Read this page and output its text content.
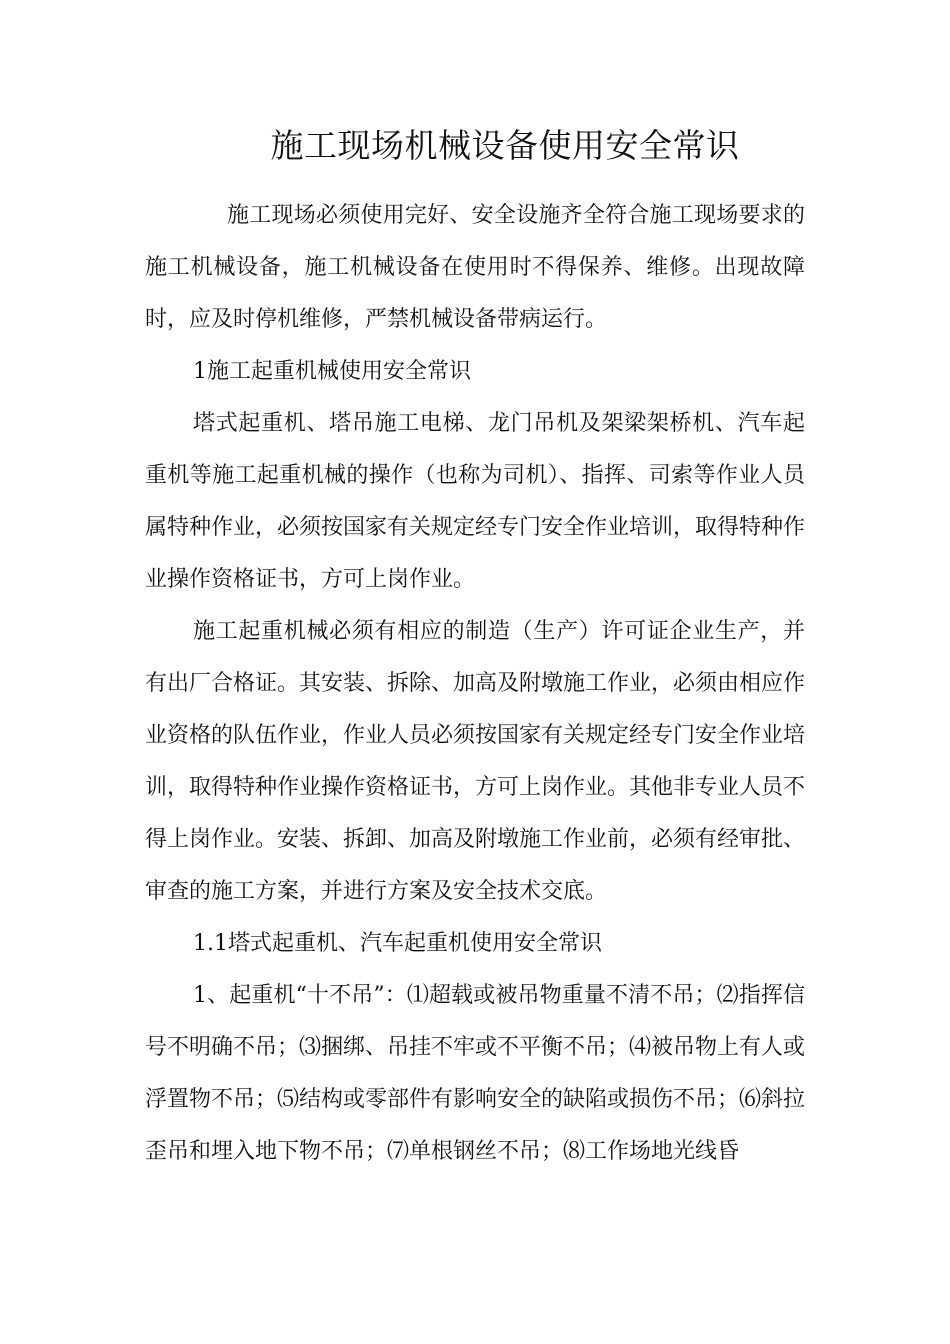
施工现场机械设备使用安全常识

施工现场必须使用完好、安全设施齐全符合施工现场要求的施工机械设备，施工机械设备在使用时不得保养、维修。出现故障时，应及时停机维修，严禁机械设备带病运行。

1施工起重机械使用安全常识

塔式起重机、塔吊施工电梯、龙门吊机及架梁架桥机、汽车起重机等施工起重机械的操作（也称为司机）、指挥、司索等作业人员属特种作业，必须按国家有关规定经专门安全作业培训，取得特种作业操作资格证书，方可上岗作业。

施工起重机械必须有相应的制造（生产）许可证企业生产，并有出厂合格证。其安装、拆除、加高及附墩施工作业，必须由相应作业资格的队伍作业，作业人员必须按国家有关规定经专门安全作业培训，取得特种作业操作资格证书，方可上岗作业。其他非专业人员不得上岗作业。安装、拆卸、加高及附墩施工作业前，必须有经审批、审查的施工方案，并进行方案及安全技术交底。

1.1塔式起重机、汽车起重机使用安全常识

1、起重机“十不吊”：⑴超载或被吊物重量不清不吊；⑵指挥信号不明确不吊；⑶捆绑、吊挂不牢或不平衡不吊；⑷被吊物上有人或浮置物不吊；⑸结构或零部件有影响安全的缺陷或损伤不吊；⑹斜拉歪吊和埋入地下物不吊；⑺单根钢丝不吊；⑻工作场地光线昏
